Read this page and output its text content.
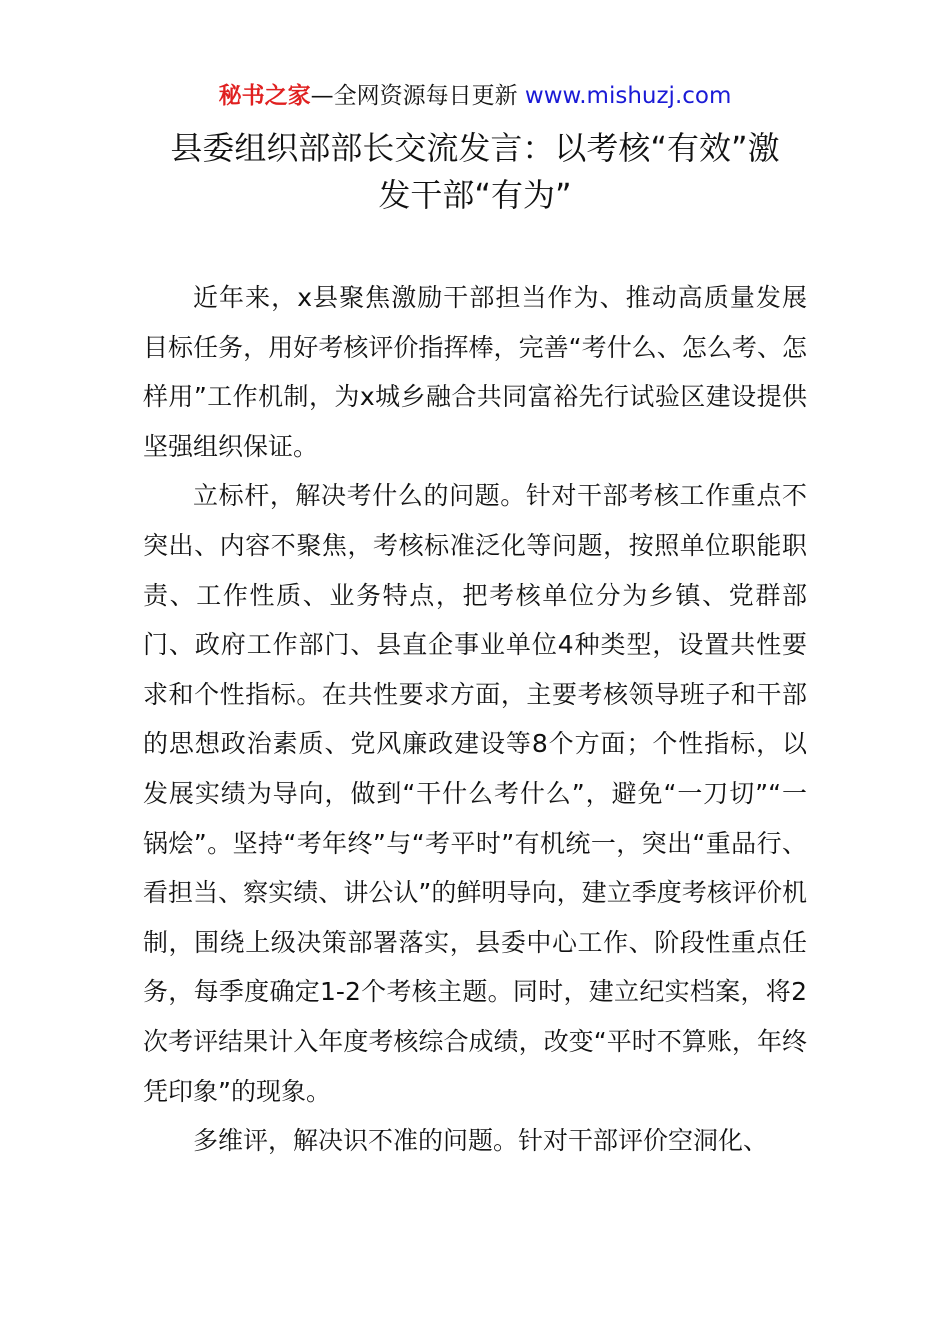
秘书之家—全网资源每日更新 www.mishuzj.com
县委组织部部长交流发言：以考核“有效”激
发干部“有为”

近年来，x县聚焦激励干部担当作为、推动高质量发展目标任务，用好考核评价指挥棒，完善“考什么、怎么考、怎样用”工作机制，为x城乡融合共同富裕先行试验区建设提供坚强组织保证。

立标杆，解决考什么的问题。针对干部考核工作重点不突出、内容不聚焦，考核标准泛化等问题，按照单位职能职责、工作性质、业务特点，把考核单位分为乡镇、党群部门、政府工作部门、县直企事业单位4种类型，设置共性要求和个性指标。在共性要求方面，主要考核领导班子和干部的思想政治素质、党风廉政建设等8个方面；个性指标，以发展实绩为导向，做到“干什么考什么”，避免“一刀切”“一锅烩”。坚持“考年终”与“考平时”有机统一，突出“重品行、看担当、察实绩、讲公认”的鲜明导向，建立季度考核评价机制，围绕上级决策部署落实，县委中心工作、阶段性重点任务，每季度确定1-2个考核主题。同时，建立纪实档案，将2次考评结果计入年度考核综合成绩，改变“平时不算账，年终凭印象”的现象。

多维评，解决识不准的问题。针对干部评价空洞化、
